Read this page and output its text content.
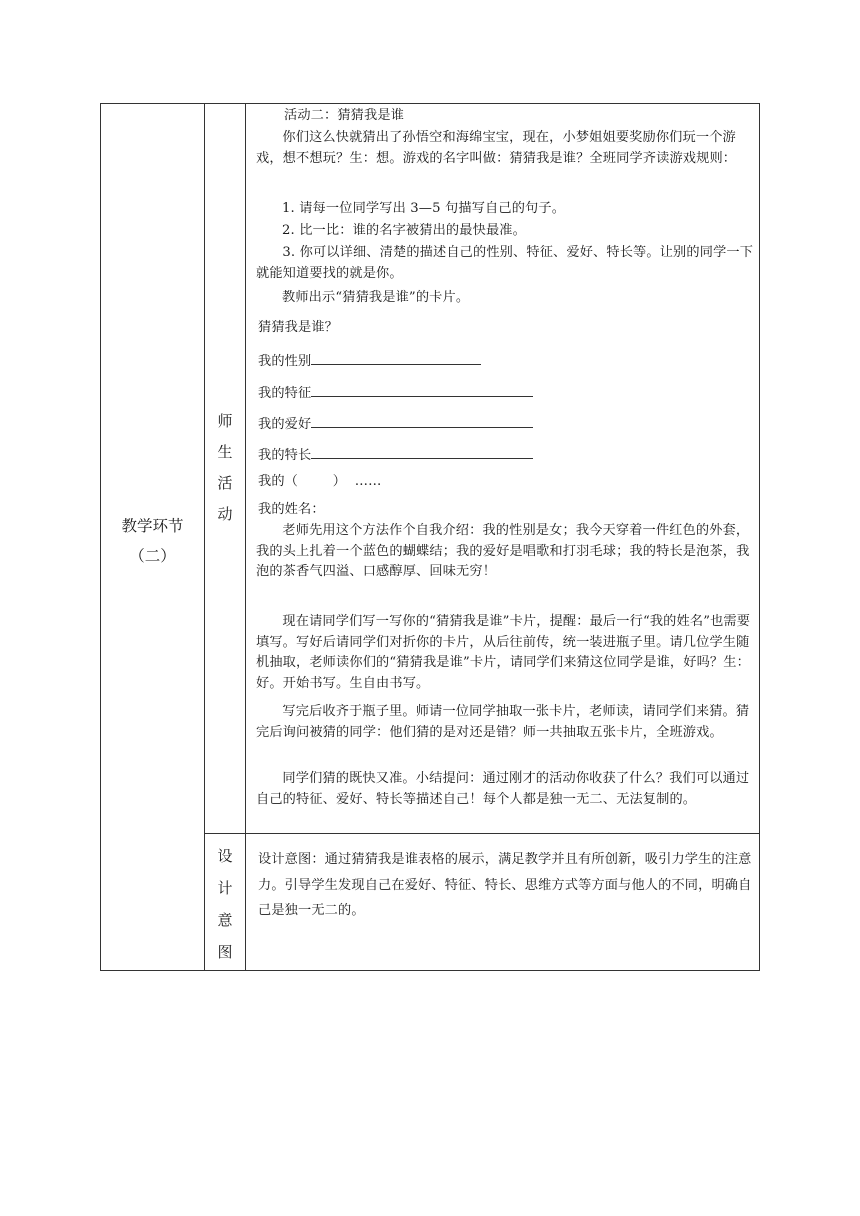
教学环节
（二）
师
生
活
动
设
计
意
图
活动二：猜猜我是谁
你们这么快就猜出了孙悟空和海绵宝宝，现在，小梦姐姐要奖励你们玩一个游戏，想不想玩？生：想。游戏的名字叫做：猜猜我是谁？全班同学齐读游戏规则：
1. 请每一位同学写出 3—5 句描写自己的句子。
2. 比一比：谁的名字被猜出的最快最准。
3. 你可以详细、清楚的描述自己的性别、特征、爱好、特长等。让别的同学一下就能知道要找的就是你。
教师出示“猜猜我是谁”的卡片。
猜猜我是谁？
我的性别
我的特征
我的爱好
我的特长
我的（        ）  ……
我的姓名：
老师先用这个方法作个自我介绍：我的性别是女；我今天穿着一件红色的外套，我的头上扎着一个蓝色的蝴蝶结；我的爱好是唱歌和打羽毛球；我的特长是泡茶，我泡的茶香气四溢、口感醇厚、回味无穷！
现在请同学们写一写你的“猜猜我是谁”卡片，提醒：最后一行“我的姓名”也需要填写。写好后请同学们对折你的卡片，从后往前传，统一装进瓶子里。请几位学生随机抽取，老师读你们的“猜猜我是谁”卡片，请同学们来猜这位同学是谁，好吗？生：好。开始书写。生自由书写。
写完后收齐于瓶子里。师请一位同学抽取一张卡片，老师读，请同学们来猜。猜完后询问被猜的同学：他们猜的是对还是错？师一共抽取五张卡片，全班游戏。
同学们猜的既快又准。小结提问：通过刚才的活动你收获了什么？我们可以通过自己的特征、爱好、特长等描述自己！每个人都是独一无二、无法复制的。
设计意图：通过猜猜我是谁表格的展示，满足教学并且有所创新，吸引力学生的注意力。引导学生发现自己在爱好、特征、特长、思维方式等方面与他人的不同，明确自己是独一无二的。
